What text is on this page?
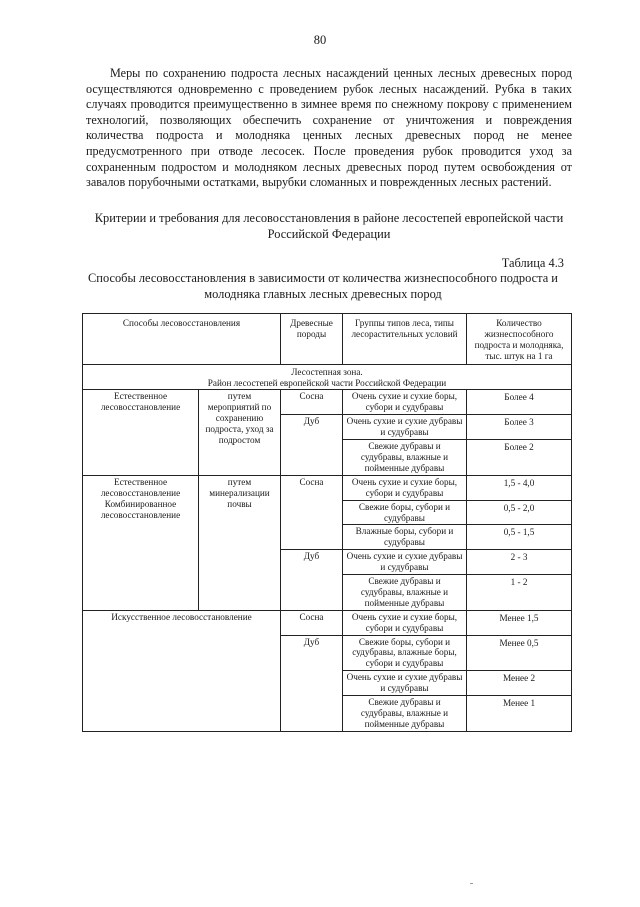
80

Меры по сохранению подроста лесных насаждений ценных лесных древесных пород осуществляются одновременно с проведением рубок лесных насаждений. Рубка в таких случаях проводится преимущественно в зимнее время по снежному покрову с применением технологий, позволяющих обеспечить сохранение от уничтожения и повреждения количества подроста и молодняка ценных лесных древесных пород не менее предусмотренного при отводе лесосек. После проведения рубок проводится уход за сохраненным подростом и молодняком лесных древесных пород путем освобождения от завалов порубочными остатками, вырубки сломанных и поврежденных лесных растений.

Критерии и требования для лесовосстановления в районе лесостепей европейской части Российской Федерации
Таблица 4.3
Способы лесовосстановления в зависимости от количества жизнеспособного подроста и молодняка главных лесных древесных пород
Способы лесовосстановления		Древесные породы	Группы типов леса, типы лесорастительных условий	Количество жизнеспособного подроста и молодняка, тыс. штук на 1 га

Лесостепная зона.
Район лесостепей европейской части Российской Федерации				

Естественное лесовосстановление	путем мероприятий по сохранению подроста, уход за подростом	Сосна	Очень сухие и сухие боры, субори и судубравы	Более 4
		Дуб	Очень сухие и сухие дубравы и судубравы	Более 3
			Свежие дубравы и судубравы, влажные и пойменные дубравы	Более 2
Естественное лесовосстановление Комбинированное лесовосстановление	путем минерализации почвы	Сосна	Очень сухие и сухие боры, субори и судубравы	1,5 - 4,0
			Свежие боры, субори и судубравы	0,5 - 2,0
			Влажные боры, субори и судубравы	0,5 - 1,5
		Дуб	Очень сухие и сухие дубравы и судубравы	2 - 3
			Свежие дубравы и судубравы, влажные и пойменные дубравы	1 - 2
Искусственное лесовосстановление		Сосна	Очень сухие и сухие боры, субори и судубравы	Менее 1,5
		Дуб	Свежие боры, субори и судубравы, влажные боры, субори и судубравы	Менее 0,5
			Очень сухие и сухие дубравы и судубравы	Менее 2
			Свежие дубравы и судубравы, влажные и пойменные дубравы	Менее 1
